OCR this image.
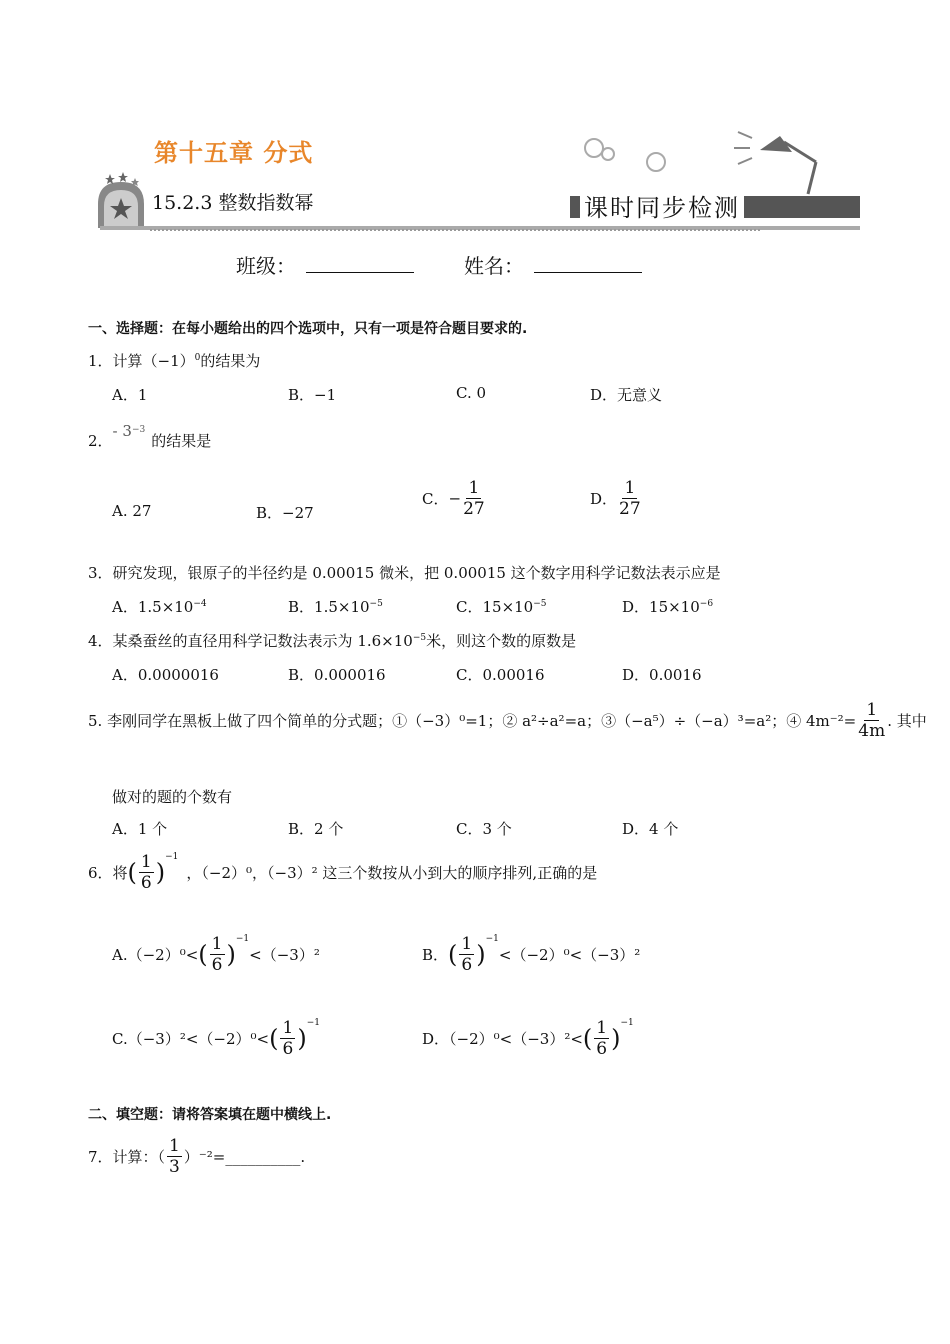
第十五章 分式
15.2.3 整数指数幂	课时同步检测
班级：	姓名：
一、选择题：在每小题给出的四个选项中，只有一项是符合题目要求的.
1．计算$(-1)^0$的结果为
A．1	B．−1	C. 0	D．无意义
2．- $3^{-3}$的结果是
A. 27	B．−27
C．− $\frac{1}{27}$	D． $\frac{1}{27}$
3．研究发现，银原子的半径约是 0.00015 微米，把 0.00015 这个数字用科学记数法表示应是
A．$1.5\times 10^{-4}$	B．$1.5\times 10^{-5}$	C．$15\times 10^{-5}$	D．$15\times 10^{-6}$
4．某桑蚕丝的直径用科学记数法表示为 $1.6\times 10^{-5}$米，则这个数的原数是
A．0.0000016	B．0.000016	C．0.00016	D．0.0016
5. 李刚同学在黑板上做了四个简单的分式题；①（−3）⁰=1；② a²÷a²=a；③（−a⁵）÷（−a）³=a²；④ $4m^{-2}= \frac{1}{4m}$ . 其中
做对的题的个数有
A．1 个	B．2 个	C．3 个	D．4 个
6．将( $\frac{1}{6} )^{-1}$，（−2）⁰，（−3）² 这三个数按从小到大的顺序排列,正确的是
$A.(-2)^0<( \frac{1}{6} )^{-1}<(-3)^2$	B．( $\frac{1}{6} )^{-1}<(-2)^0<(-3)^2$
$C.(-3)^2<(-2)^0<( \frac{1}{6} )^{-1}$
D．$(-2)^0<(-3)^2<( \frac{1}{6} )^{-1}$
二、填空题：请将答案填在题中横线上.
7．计算：（ $\frac{1}{3}$ ）⁻²=__________.
